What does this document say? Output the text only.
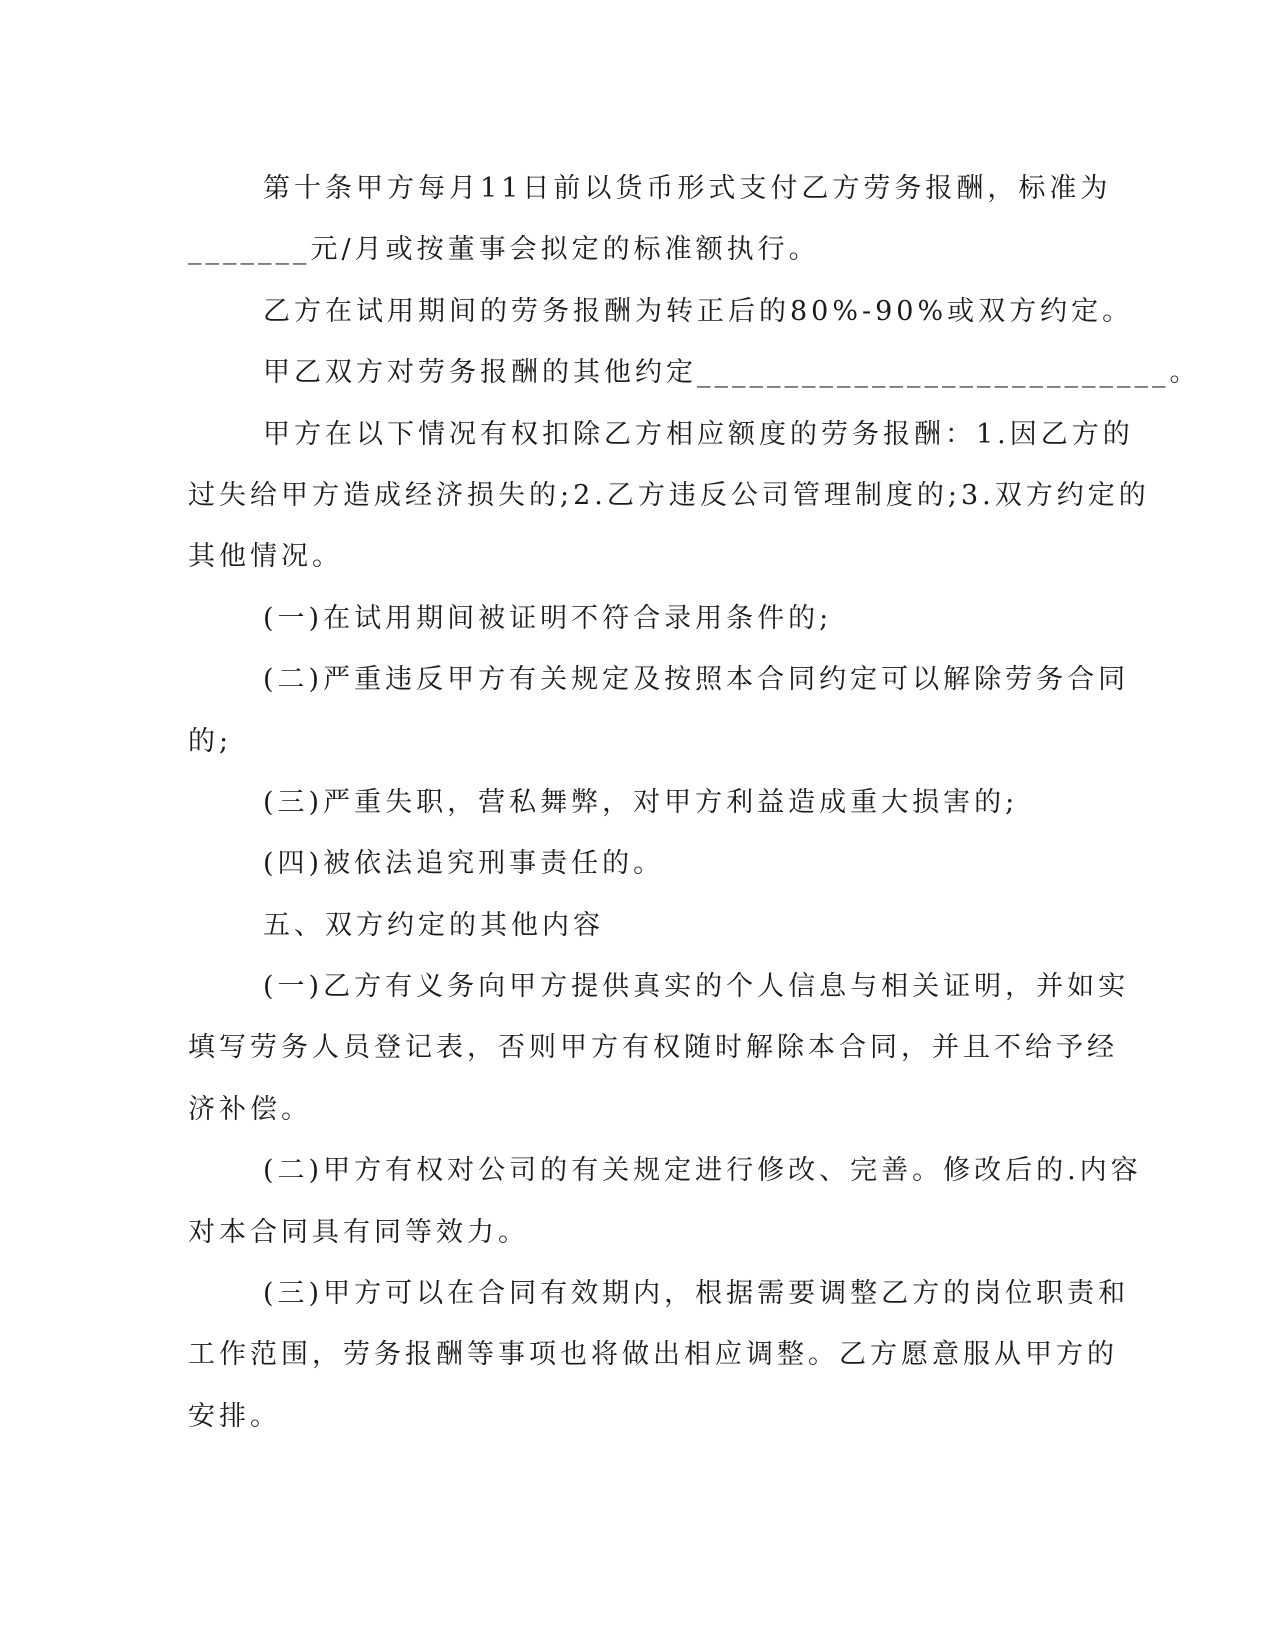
第十条甲方每月11日前以货币形式支付乙方劳务报酬，标准为
_______元/月或按董事会拟定的标准额执行。
乙方在试用期间的劳务报酬为转正后的80%-90%或双方约定。
甲乙双方对劳务报酬的其他约定___________________________。
甲方在以下情况有权扣除乙方相应额度的劳务报酬：1.因乙方的
过失给甲方造成经济损失的;2.乙方违反公司管理制度的;3.双方约定的
其他情况。
(一)在试用期间被证明不符合录用条件的;
(二)严重违反甲方有关规定及按照本合同约定可以解除劳务合同
的;
(三)严重失职，营私舞弊，对甲方利益造成重大损害的;
(四)被依法追究刑事责任的。
五、双方约定的其他内容
(一)乙方有义务向甲方提供真实的个人信息与相关证明，并如实
填写劳务人员登记表，否则甲方有权随时解除本合同，并且不给予经
济补偿。
(二)甲方有权对公司的有关规定进行修改、完善。修改后的.内容
对本合同具有同等效力。
(三)甲方可以在合同有效期内，根据需要调整乙方的岗位职责和
工作范围，劳务报酬等事项也将做出相应调整。乙方愿意服从甲方的
安排。
